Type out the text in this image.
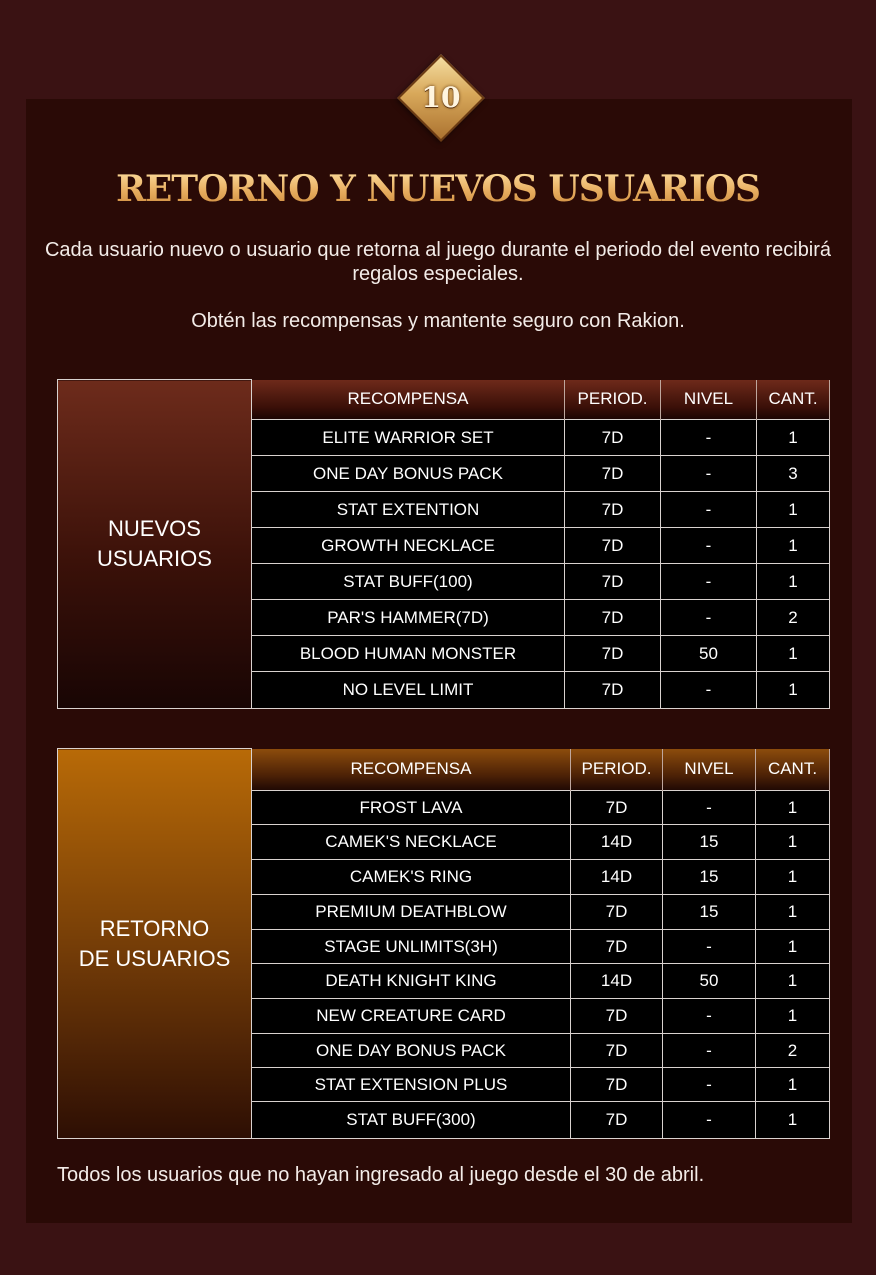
10
RETORNO Y NUEVOS USUARIOS
Cada usuario nuevo o usuario que retorna al juego durante el periodo del evento recibirá regalos especiales.
Obtén las recompensas y mantente seguro con Rakion.
NUEVOS
USUARIOS	RECOMPENSA	PERIOD.	NIVEL	CANT.
	ELITE WARRIOR SET	7D	-	1
	ONE DAY BONUS PACK	7D	-	3
	STAT EXTENTION	7D	-	1
	GROWTH NECKLACE	7D	-	1
	STAT BUFF(100)	7D	-	1
	PAR'S HAMMER(7D)	7D	-	2
	BLOOD HUMAN MONSTER	7D	50	1
	NO LEVEL LIMIT	7D	-	1
RETORNO
DE USUARIOS	RECOMPENSA	PERIOD.	NIVEL	CANT.
	FROST LAVA	7D	-	1
	CAMEK'S NECKLACE	14D	15	1
	CAMEK'S RING	14D	15	1
	PREMIUM DEATHBLOW	7D	15	1
	STAGE UNLIMITS(3H)	7D	-	1
	DEATH KNIGHT KING	14D	50	1
	NEW CREATURE CARD	7D	-	1
	ONE DAY BONUS PACK	7D	-	2
	STAT EXTENSION PLUS	7D	-	1
	STAT BUFF(300)	7D	-	1
Todos los usuarios que no hayan ingresado al juego desde el 30 de abril.
